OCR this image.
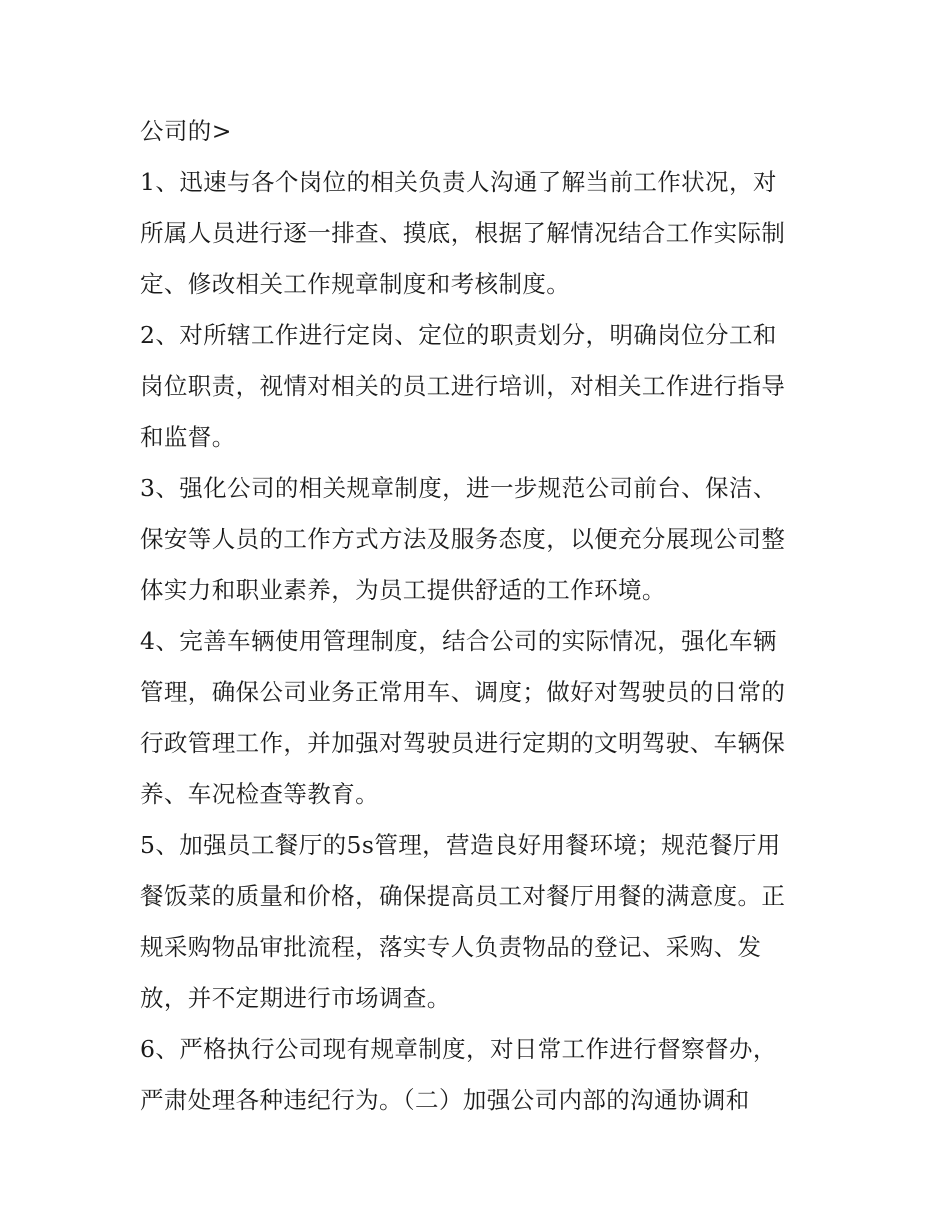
公司的>

1、迅速与各个岗位的相关负责人沟通了解当前工作状况，对

所属人员进行逐一排查、摸底，根据了解情况结合工作实际制

定、修改相关工作规章制度和考核制度。

2、对所辖工作进行定岗、定位的职责划分，明确岗位分工和

岗位职责，视情对相关的员工进行培训，对相关工作进行指导

和监督。

3、强化公司的相关规章制度，进一步规范公司前台、保洁、

保安等人员的工作方式方法及服务态度，以便充分展现公司整

体实力和职业素养，为员工提供舒适的工作环境。

4、完善车辆使用管理制度，结合公司的实际情况，强化车辆

管理，确保公司业务正常用车、调度；做好对驾驶员的日常的

行政管理工作，并加强对驾驶员进行定期的文明驾驶、车辆保

养、车况检查等教育。

5、加强员工餐厅的5s管理，营造良好用餐环境；规范餐厅用

餐饭菜的质量和价格，确保提高员工对餐厅用餐的满意度。正

规采购物品审批流程，落实专人负责物品的登记、采购、发

放，并不定期进行市场调查。

6、严格执行公司现有规章制度，对日常工作进行督察督办，

严肃处理各种违纪行为。（二）加强公司内部的沟通协调和
